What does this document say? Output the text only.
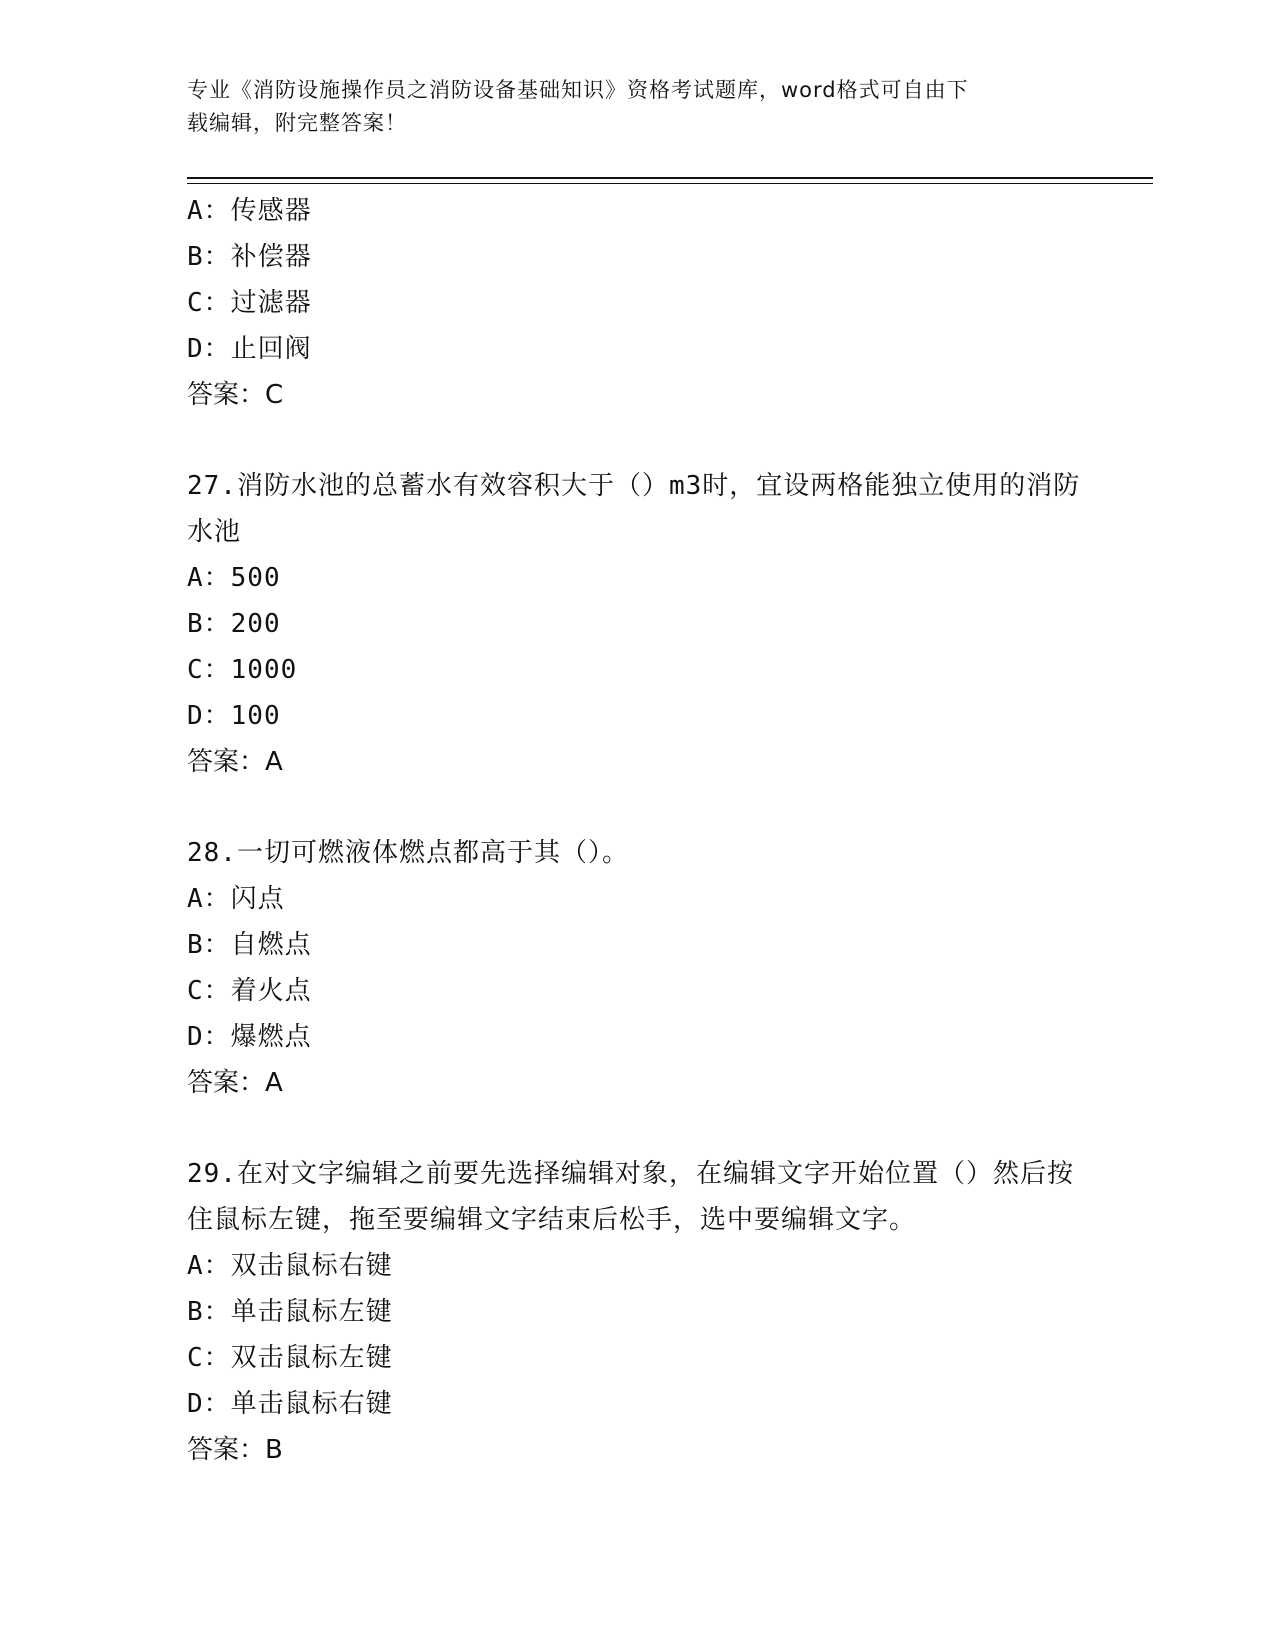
专业《消防设施操作员之消防设备基础知识》资格考试题库，word格式可自由下
载编辑，附完整答案！
A：传感器
B：补偿器
C：过滤器
D：止回阀
答案：C
27.消防水池的总蓄水有效容积大于（）m3时，宜设两格能独立使用的消防水池
A：500
B：200
C：1000
D：100
答案：A
28.一切可燃液体燃点都高于其（）。
A：闪点
B：自燃点
C：着火点
D：爆燃点
答案：A
29.在对文字编辑之前要先选择编辑对象，在编辑文字开始位置（）然后按住鼠标左键，拖至要编辑文字结束后松手，选中要编辑文字。
A：双击鼠标右键
B：单击鼠标左键
C：双击鼠标左键
D：单击鼠标右键
答案：B
